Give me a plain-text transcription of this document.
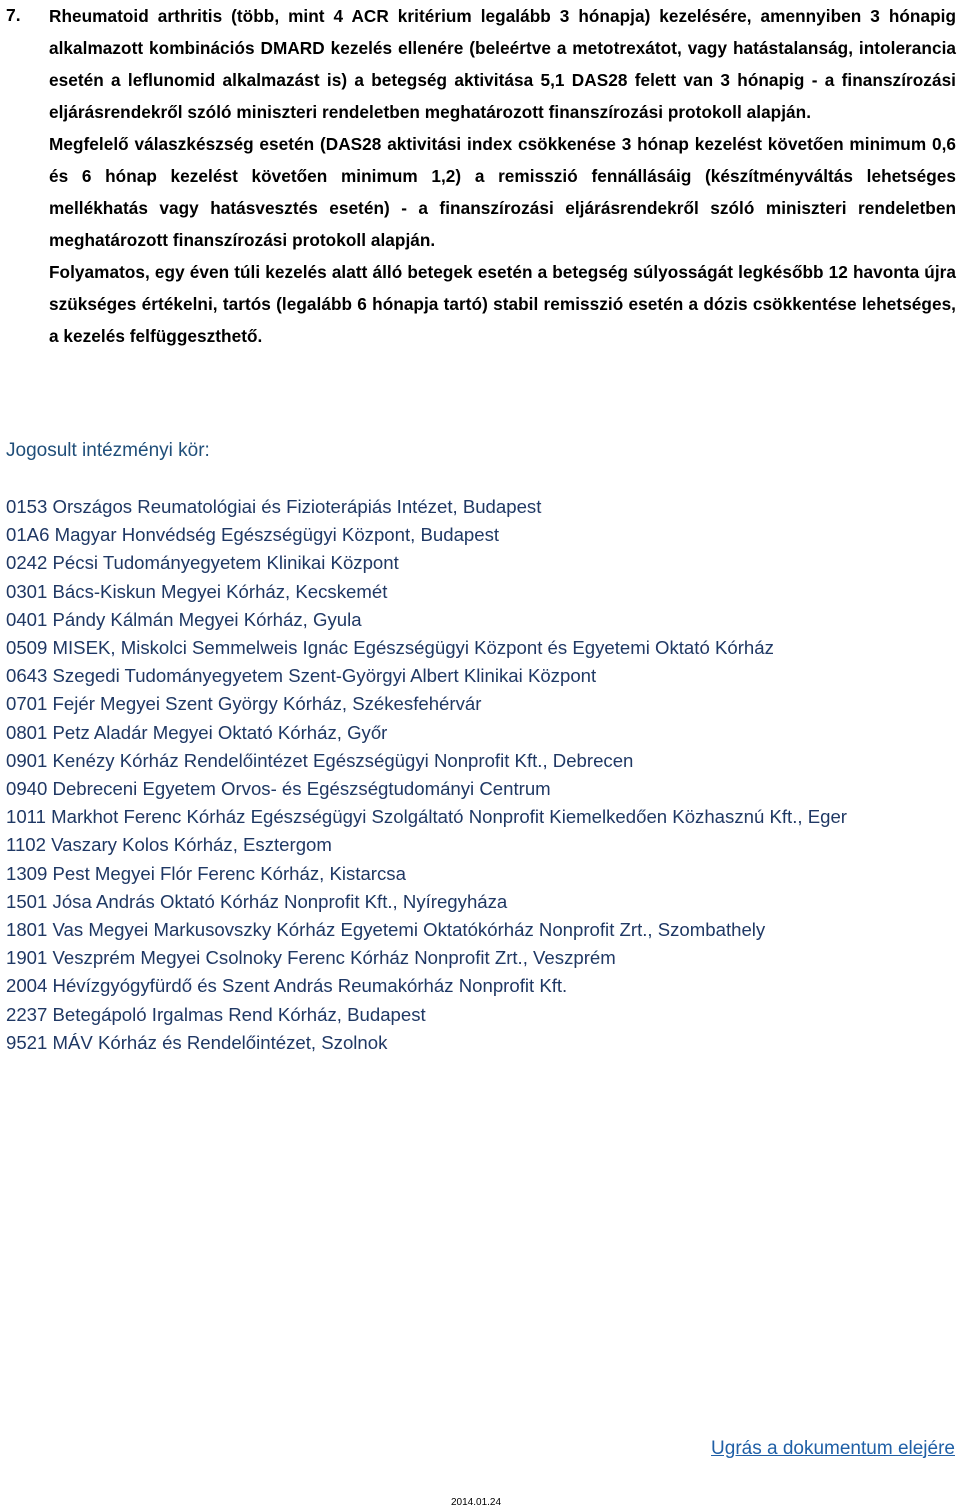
7. Rheumatoid arthritis (több, mint 4 ACR kritérium legalább 3 hónapja) kezelésére, amennyiben 3 hónapig alkalmazott kombinációs DMARD kezelés ellenére (beleértve a metotrexátot, vagy hatástalanság, intolerancia esetén a leflunomid alkalmazást is) a betegség aktivitása 5,1 DAS28 felett van 3 hónapig - a finanszírozási eljárásrendekről szóló miniszteri rendeletben meghatározott finanszírozási protokoll alapján.

Megfelelő válaszkészség esetén (DAS28 aktivitási index csökkenése 3 hónap kezelést követően minimum 0,6 és 6 hónap kezelést követően minimum 1,2) a remisszió fennállásáig (készítményváltás lehetséges mellékhatás vagy hatásvesztés esetén) - a finanszírozási eljárásrendekről szóló miniszteri rendeletben meghatározott finanszírozási protokoll alapján.

Folyamatos, egy éven túli kezelés alatt álló betegek esetén a betegség súlyosságát legkésőbb 12 havonta újra szükséges értékelni, tartós (legalább 6 hónapja tartó) stabil remisszió esetén a dózis csökkentése lehetséges, a kezelés felfüggeszthető.

Jogosult intézményi kör:
0153 Országos Reumatológiai és Fizioterápiás Intézet, Budapest
01A6 Magyar Honvédség Egészségügyi Központ, Budapest
0242 Pécsi Tudományegyetem Klinikai Központ
0301 Bács-Kiskun Megyei Kórház, Kecskemét
0401 Pándy Kálmán Megyei Kórház, Gyula
0509 MISEK, Miskolci Semmelweis Ignác Egészségügyi Központ és Egyetemi Oktató Kórház
0643 Szegedi Tudományegyetem Szent-Györgyi Albert Klinikai Központ
0701 Fejér Megyei Szent György Kórház, Székesfehérvár
0801 Petz Aladár Megyei Oktató Kórház, Győr
0901 Kenézy Kórház Rendelőintézet Egészségügyi Nonprofit Kft., Debrecen
0940 Debreceni Egyetem Orvos- és Egészségtudományi Centrum
1011 Markhot Ferenc Kórház Egészségügyi Szolgáltató Nonprofit Kiemelkedően Közhasznú Kft., Eger
1102 Vaszary Kolos Kórház, Esztergom
1309 Pest Megyei Flór Ferenc Kórház, Kistarcsa
1501 Jósa András Oktató Kórház Nonprofit Kft., Nyíregyháza
1801 Vas Megyei Markusovszky Kórház Egyetemi Oktatókórház Nonprofit Zrt., Szombathely
1901 Veszprém Megyei Csolnoky Ferenc Kórház Nonprofit Zrt., Veszprém
2004 Hévízgyógyfürdő és Szent András Reumakórház Nonprofit Kft.
2237 Betegápoló Irgalmas Rend Kórház, Budapest
9521 MÁV Kórház és Rendelőintézet, Szolnok
Ugrás a dokumentum elejére
2014.01.24
